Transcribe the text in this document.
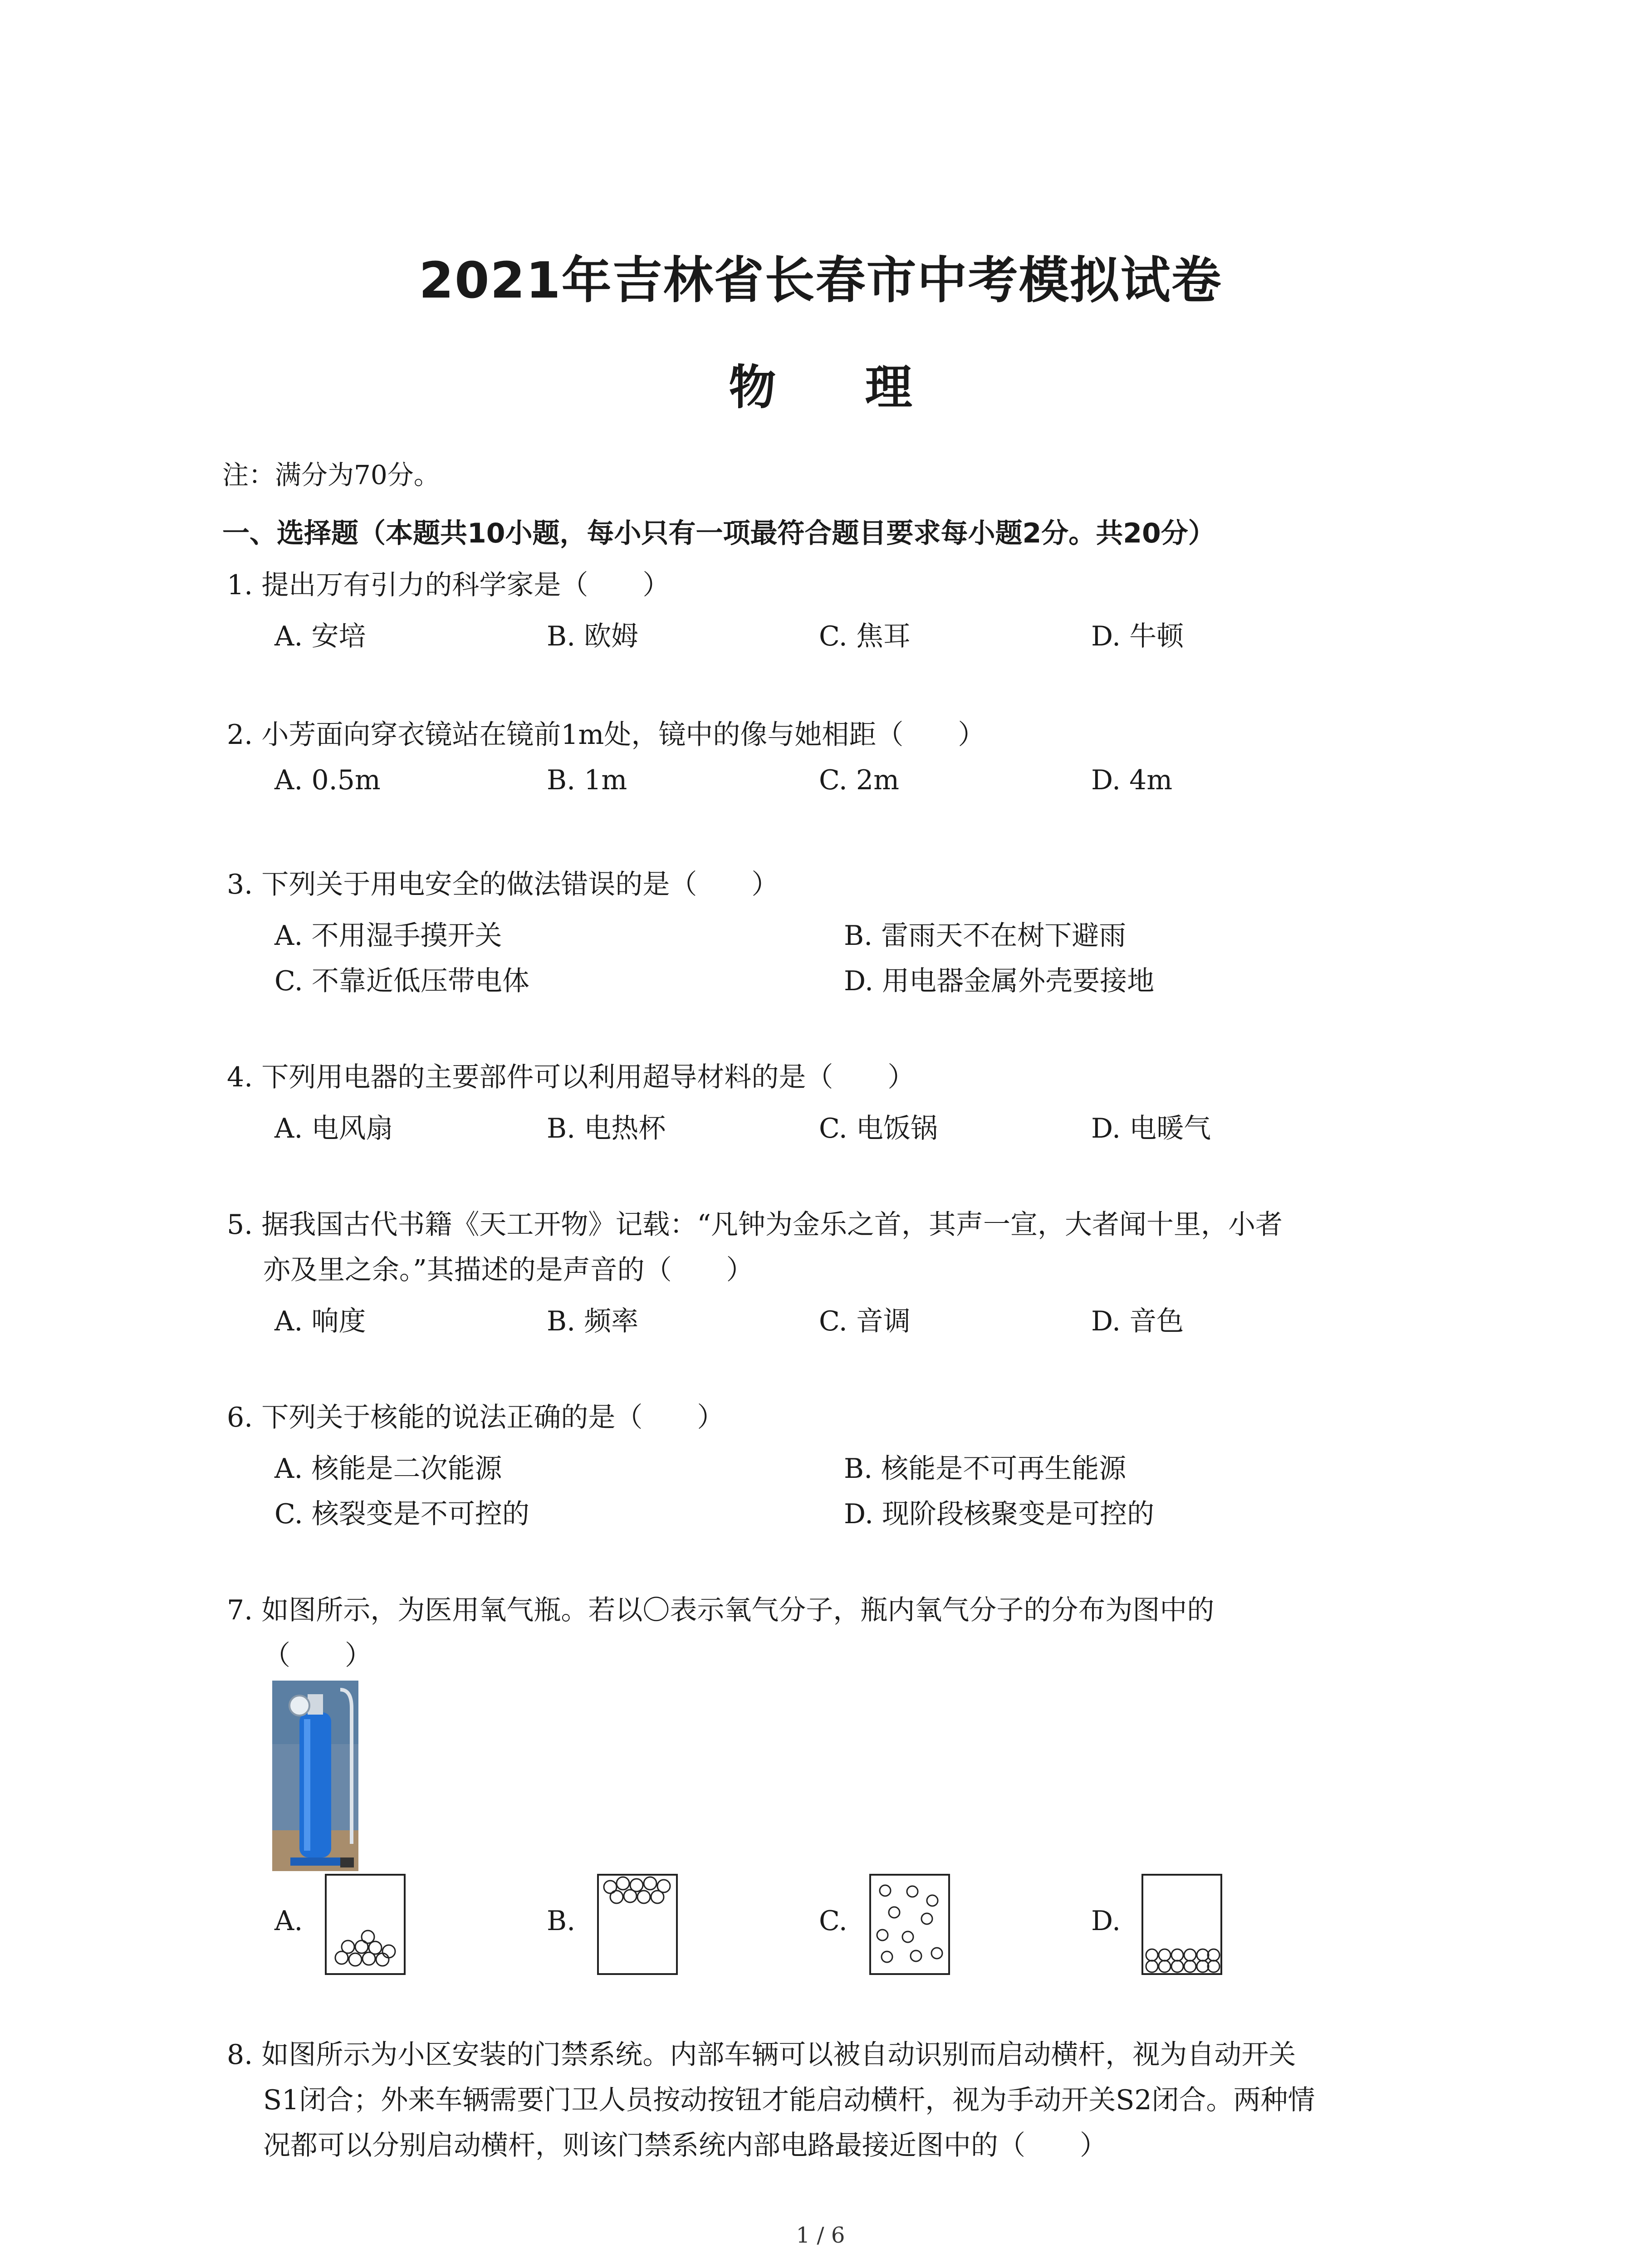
2021年吉林省长春市中考模拟试卷
物 理
注：满分为70分。
一、选择题（本题共10小题，每小只有一项最符合题目要求每小题2分。共20分）
1. 提出万有引力的科学家是（　　）
A. 安培	B. 欧姆	C. 焦耳	D. 牛顿
2. 小芳面向穿衣镜站在镜前1m处，镜中的像与她相距（　　）
A. 0.5m	B. 1m	C. 2m	D. 4m
3. 下列关于用电安全的做法错误的是（　　）
A. 不用湿手摸开关	B. 雷雨天不在树下避雨
C. 不靠近低压带电体	D. 用电器金属外壳要接地
4. 下列用电器的主要部件可以利用超导材料的是（　　）
A. 电风扇	B. 电热杯	C. 电饭锅	D. 电暖气
5. 据我国古代书籍《天工开物》记载：“凡钟为金乐之首，其声一宣，大者闻十里，小者
亦及里之余。”其描述的是声音的（　　）
A. 响度	B. 频率	C. 音调	D. 音色
6. 下列关于核能的说法正确的是（　　）
A. 核能是二次能源	B. 核能是不可再生能源
C. 核裂变是不可控的	D. 现阶段核聚变是可控的
7. 如图所示，为医用氧气瓶。若以〇表示氧气分子，瓶内氧气分子的分布为图中的
（　　）
A.	B.	C.	D.
8. 如图所示为小区安装的门禁系统。内部车辆可以被自动识别而启动横杆，视为自动开关
S1闭合；外来车辆需要门卫人员按动按钮才能启动横杆，视为手动开关S2闭合。两种情
况都可以分别启动横杆，则该门禁系统内部电路最接近图中的（　　）
1 / 6
